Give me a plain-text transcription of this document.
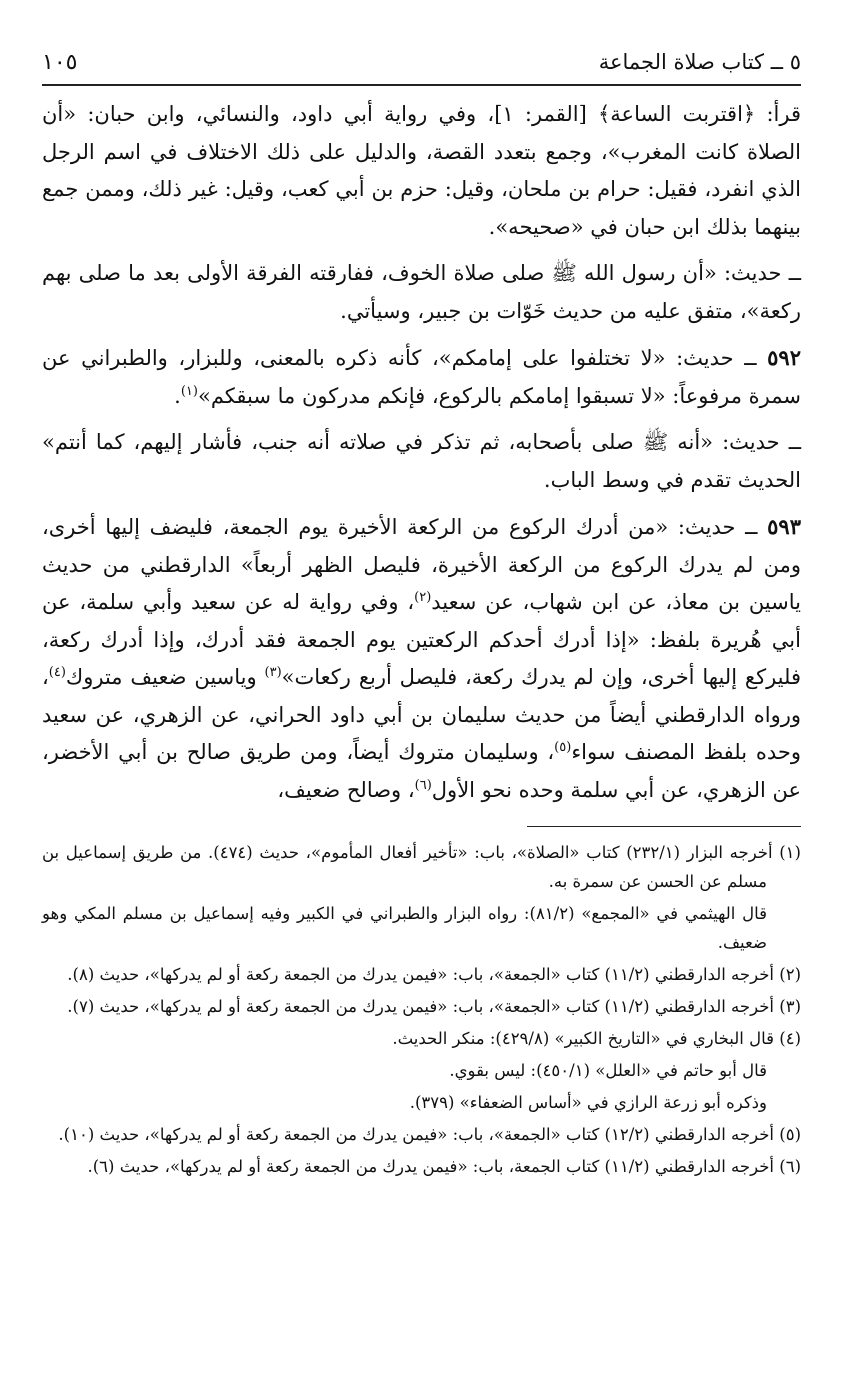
٥ ــ كتاب صلاة الجماعة
١٠٥

قرأ: ﴿اقتربت الساعة﴾ [القمر: ١]، وفي رواية أبي داود، والنسائي، وابن حبان: «أن الصلاة كانت المغرب»، وجمع بتعدد القصة، والدليل على ذلك الاختلاف في اسم الرجل الذي انفرد، فقيل: حرام بن ملحان، وقيل: حزم بن أبي كعب، وقيل: غير ذلك، وممن جمع بينهما بذلك ابن حبان في «صحيحه».

ــ حديث: «أن رسول الله ﷺ صلى صلاة الخوف، ففارقته الفرقة الأولى بعد ما صلى بهم ركعة»، متفق عليه من حديث خَوّات بن جبير، وسيأتي.

٥٩٢ ــ حديث: «لا تختلفوا على إمامكم»، كأنه ذكره بالمعنى، وللبزار، والطبراني عن سمرة مرفوعاً: «لا تسبقوا إمامكم بالركوع، فإنكم مدركون ما سبقكم»$^{(١)}$.

ــ حديث: «أنه ﷺ صلى بأصحابه، ثم تذكر في صلاته أنه جنب، فأشار إليهم، كما أنتم» الحديث تقدم في وسط الباب.

٥٩٣ ــ حديث: «من أدرك الركوع من الركعة الأخيرة يوم الجمعة، فليضف إليها أخرى، ومن لم يدرك الركوع من الركعة الأخيرة، فليصل الظهر أربعاً» الدارقطني من حديث ياسين بن معاذ، عن ابن شهاب، عن سعيد$^{(٢)}$، وفي رواية له عن سعيد وأبي سلمة، عن أبي هُريرة بلفظ: «إذا أدرك أحدكم الركعتين يوم الجمعة فقد أدرك، وإذا أدرك ركعة، فليركع إليها أخرى، وإن لم يدرك ركعة، فليصل أربع ركعات»$^{(٣)}$ وياسين ضعيف متروك$^{(٤)}$، ورواه الدارقطني أيضاً من حديث سليمان بن أبي داود الحراني، عن الزهري، عن سعيد وحده بلفظ المصنف سواء$^{(٥)}$، وسليمان متروك أيضاً، ومن طريق صالح بن أبي الأخضر، عن الزهري، عن أبي سلمة وحده نحو الأول$^{(٦)}$، وصالح ضعيف،

(١) أخرجه البزار (٢٣٢/١) كتاب «الصلاة»، باب: «تأخير أفعال المأموم»، حديث (٤٧٤). من طريق إسماعيل بن مسلم عن الحسن عن سمرة به.

قال الهيثمي في «المجمع» (٨١/٢): رواه البزار والطبراني في الكبير وفيه إسماعيل بن مسلم المكي وهو ضعيف.

(٢) أخرجه الدارقطني (١١/٢) كتاب «الجمعة»، باب: «فيمن يدرك من الجمعة ركعة أو لم يدركها»، حديث (٨).

(٣) أخرجه الدارقطني (١١/٢) كتاب «الجمعة»، باب: «فيمن يدرك من الجمعة ركعة أو لم يدركها»، حديث (٧).

(٤) قال البخاري في «التاريخ الكبير» (٤٢٩/٨): منكر الحديث.

قال أبو حاتم في «العلل» (٤٥٠/١): ليس بقوي.

وذكره أبو زرعة الرازي في «أساس الضعفاء» (٣٧٩).

(٥) أخرجه الدارقطني (١٢/٢) كتاب «الجمعة»، باب: «فيمن يدرك من الجمعة ركعة أو لم يدركها»، حديث (١٠).

(٦) أخرجه الدارقطني (١١/٢) كتاب الجمعة، باب: «فيمن يدرك من الجمعة ركعة أو لم يدركها»، حديث (٦).
